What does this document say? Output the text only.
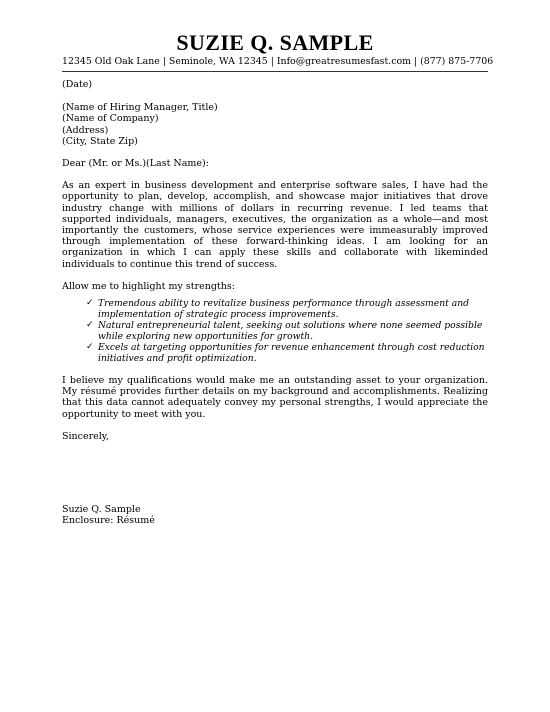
SUZIE Q. SAMPLE
12345 Old Oak Lane | Seminole, WA 12345 | Info@greatresumesfast.com | (877) 875-7706

(Date)

(Name of Hiring Manager, Title)

(Name of Company)

(Address)

(City, State Zip)

Dear (Mr. or Ms.)(Last Name):

As an expert in business development and enterprise software sales, I have had the opportunity to plan, develop, accomplish, and showcase major initiatives that drove industry change with millions of dollars in recurring revenue. I led teams that supported individuals, managers, executives, the organization as a whole—and most importantly the customers, whose service experiences were immeasurably improved through implementation of these forward-thinking ideas. I am looking for an organization in which I can apply these skills and collaborate with likeminded individuals to continue this trend of success.

Allow me to highlight my strengths:

✓ Tremendous ability to revitalize business performance through assessment and implementation of strategic process improvements.
✓ Natural entrepreneurial talent, seeking out solutions where none seemed possible while exploring new opportunities for growth.
✓ Excels at targeting opportunities for revenue enhancement through cost reduction initiatives and profit optimization.

I believe my qualifications would make me an outstanding asset to your organization. My résumé provides further details on my background and accomplishments. Realizing that this data cannot adequately convey my personal strengths, I would appreciate the opportunity to meet with you.

Sincerely,

Suzie Q. Sample

Enclosure: Résumé
